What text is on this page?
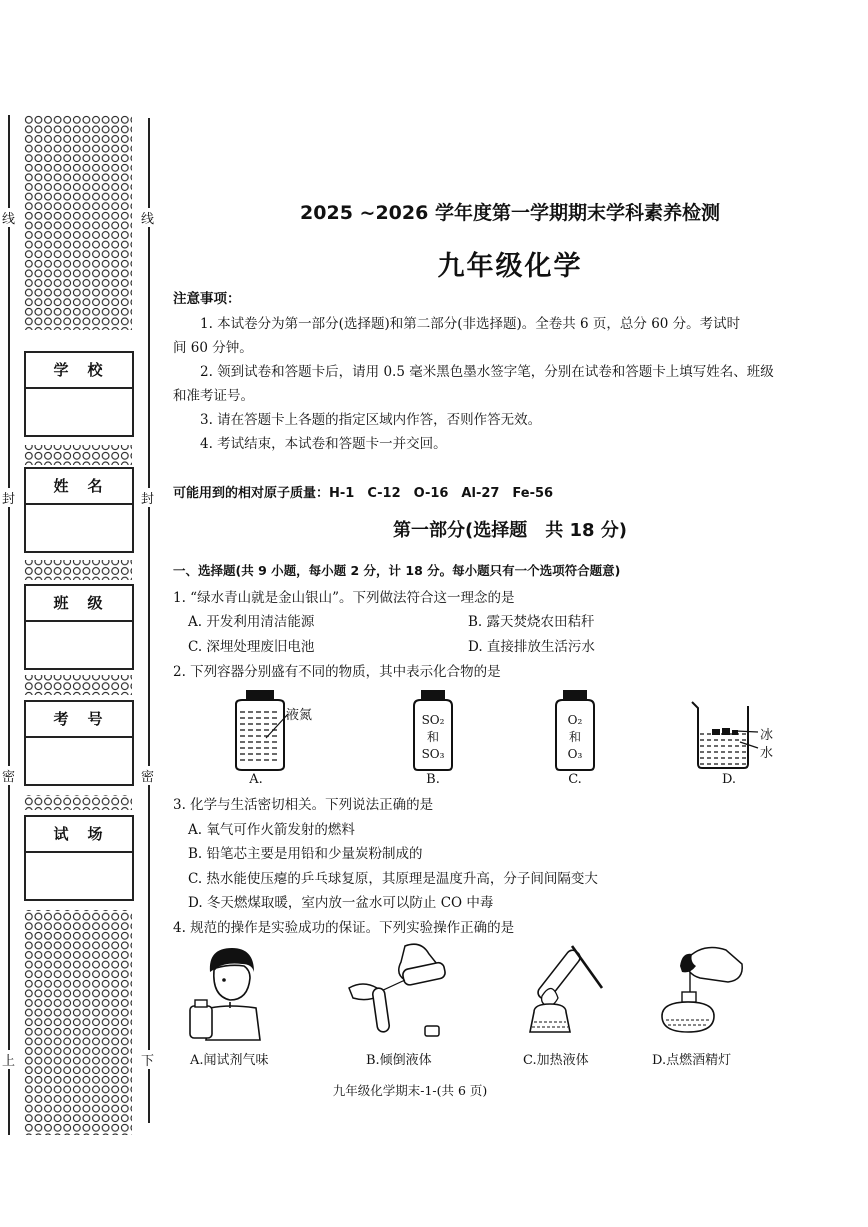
线	线
封	封
密	密
上	下
学　校
姓　名
班　级
考　号
试　场
2025 ~2026 学年度第一学期期末学科素养检测
九年级化学
注意事项：
1. 本试卷分为第一部分(选择题)和第二部分(非选择题)。全卷共 6 页，总分 60 分。考试时
间 60 分钟。
2. 领到试卷和答题卡后，请用 0.5 毫米黑色墨水签字笔，分别在试卷和答题卡上填写姓名、班级
和准考证号。
3. 请在答题卡上各题的指定区域内作答，否则作答无效。
4. 考试结束，本试卷和答题卡一并交回。
可能用到的相对原子质量：H-1　C-12　O-16　Al-27　Fe-56
第一部分(选择题　共 18 分)
一、选择题(共 9 小题，每小题 2 分，计 18 分。每小题只有一个选项符合题意)
1. “绿水青山就是金山银山”。下列做法符合这一理念的是
A. 开发利用清洁能源	B. 露天焚烧农田秸秆
C. 深埋处理废旧电池	D. 直接排放生活污水
2. 下列容器分别盛有不同的物质，其中表示化合物的是
液氮	SO₂
和
SO₃
O₂
和
O₃
冰
水
A.	B.	C.	D.
3. 化学与生活密切相关。下列说法正确的是
A. 氧气可作火箭发射的燃料
B. 铅笔芯主要是用铅和少量炭粉制成的
C. 热水能使压瘪的乒乓球复原，其原理是温度升高，分子间间隔变大
D. 冬天燃煤取暖，室内放一盆水可以防止 CO 中毒
4. 规范的操作是实验成功的保证。下列实验操作正确的是
A.闻试剂气味	B.倾倒液体	C.加热液体	D.点燃酒精灯
九年级化学期末-1-(共 6 页)
